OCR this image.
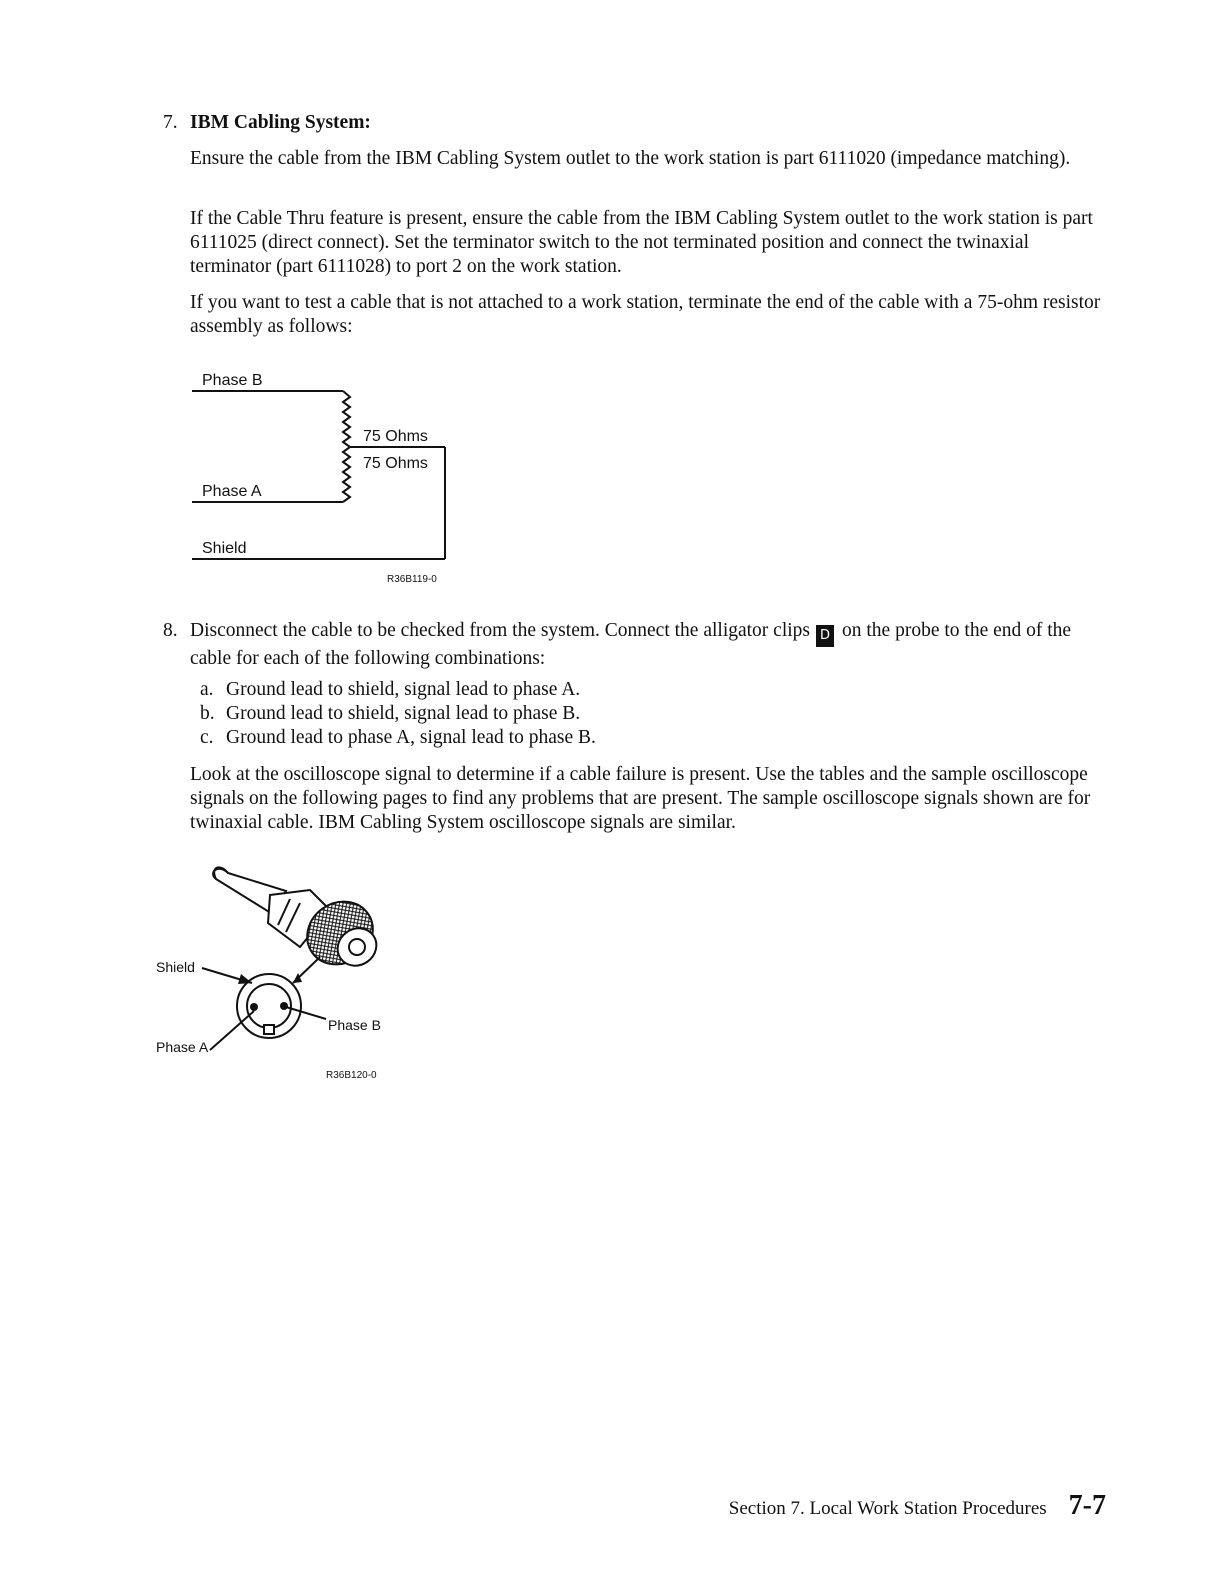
7. IBM Cabling System:

Ensure the cable from the IBM Cabling System outlet to the work station is part 6111020 (impedance matching).

If the Cable Thru feature is present, ensure the cable from the IBM Cabling System outlet to the work station is part 6111025 (direct connect). Set the terminator switch to the not terminated position and connect the twinaxial terminator (part 6111028) to port 2 on the work station.

If you want to test a cable that is not attached to a work station, terminate the end of the cable with a 75-ohm resistor assembly as follows:

Phase B
75 Ohms
75 Ohms
Phase A
Shield
R36B119-0
8. Disconnect the cable to be checked from the system. Connect the alligator clips D on the probe to the end of the cable for each of the following combinations:

a. Ground lead to shield, signal lead to phase A.
b. Ground lead to shield, signal lead to phase B.
c. Ground lead to phase A, signal lead to phase B.

Look at the oscilloscope signal to determine if a cable failure is present. Use the tables and the sample oscilloscope signals on the following pages to find any problems that are present. The sample oscilloscope signals shown are for twinaxial cable. IBM Cabling System oscilloscope signals are similar.

Shield
Phase B
Phase A
R36B120-0
Section 7. Local Work Station Procedures 7-7
